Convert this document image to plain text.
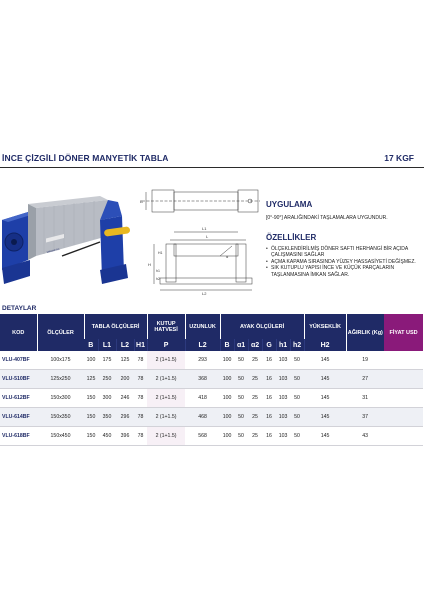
İNCE ÇİZGİLİ DÖNER MANYETİK TABLA	17 KGF
MAGNETIC
B
L1
L
α
H
H1
h1
h2
L2
UYGULAMA
[0°-90°] ARALIĞINDAKİ TAŞLAMALARA UYGUNDUR.
ÖZELLİKLER
• ÖLÇEKLENDİRİLMİŞ DÖNER SAFTI HERHANGİ BİR AÇIDA ÇALIŞMASINI SAĞLAR
• AÇMA KAPAMA SIRASINDA YÜZEY HASSASİYETİ DEĞİŞMEZ.
• SIK KUTUPLU YAPISI İNCE VE KÜÇÜK PARÇALARIN TAŞLANMASINA İMKAN SAĞLAR.
DETAYLAR
KOD	ÖLÇÜLER	TABLA ÖLÇÜLERİ				KUTUP HATVESİ	UZUNLUK	AYAK ÖLÇÜLERİ						YÜKSEKLİK	AĞIRLIK (Kg)	FİYAT USD
		B	L1	L2	H1	P	L2	B	ɑ1	ɑ2	G	h1	h2	H2		
VLU-407BF	100x175	100	175	125	78	2 (1+1.5)	293	100	50	25	16	103	50	145	19	
VLU-510BF	125x250	125	250	200	78	2 (1+1.5)	368	100	50	25	16	103	50	145	27	
VLU-612BF	150x300	150	300	246	78	2 (1+1.5)	418	100	50	25	16	103	50	145	31	
VLU-614BF	150x350	150	350	296	78	2 (1+1.5)	468	100	50	25	16	103	50	145	37	
VLU-618BF	150x450	150	450	396	78	2 (1+1.5)	568	100	50	25	16	103	50	145	43	
